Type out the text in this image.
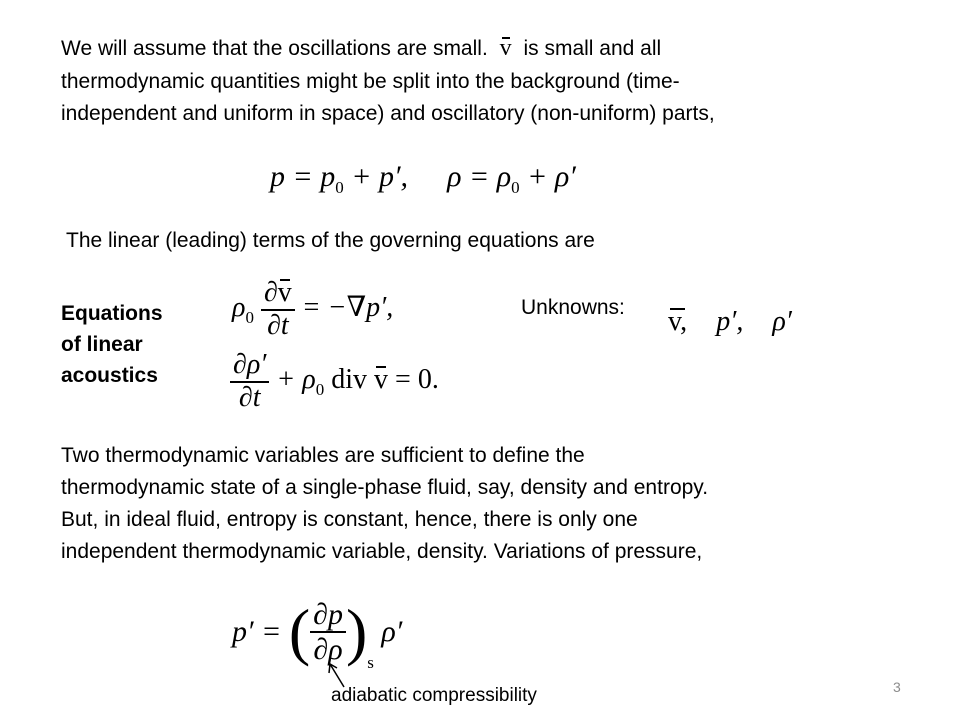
We will assume that the oscillations are small. v is small and all
thermodynamic quantities might be split into the background (time-
independent and uniform in space) and oscillatory (non-uniform) parts,
$p = p_0 + p'$, $\rho = \rho_0 + \rho'$
The linear (leading) terms of the governing equations are
Equations
of linear
acoustics
$\rho_0 \frac{\partial v}{\partial t} = -\nabla p'$,
$\frac{\partial\rho'}{\partial t} + \rho_0$ div v = 0.
Unknowns: v, p′, ρ′
Two thermodynamic variables are sufficient to define the
thermodynamic state of a single-phase fluid, say, density and entropy.
But, in ideal fluid, entropy is constant, hence, there is only one
independent thermodynamic variable, density. Variations of pressure,
p′ = ( $\frac{\partial p}{\partial\rho} )_s$ ρ′
adiabatic compressibility	3
